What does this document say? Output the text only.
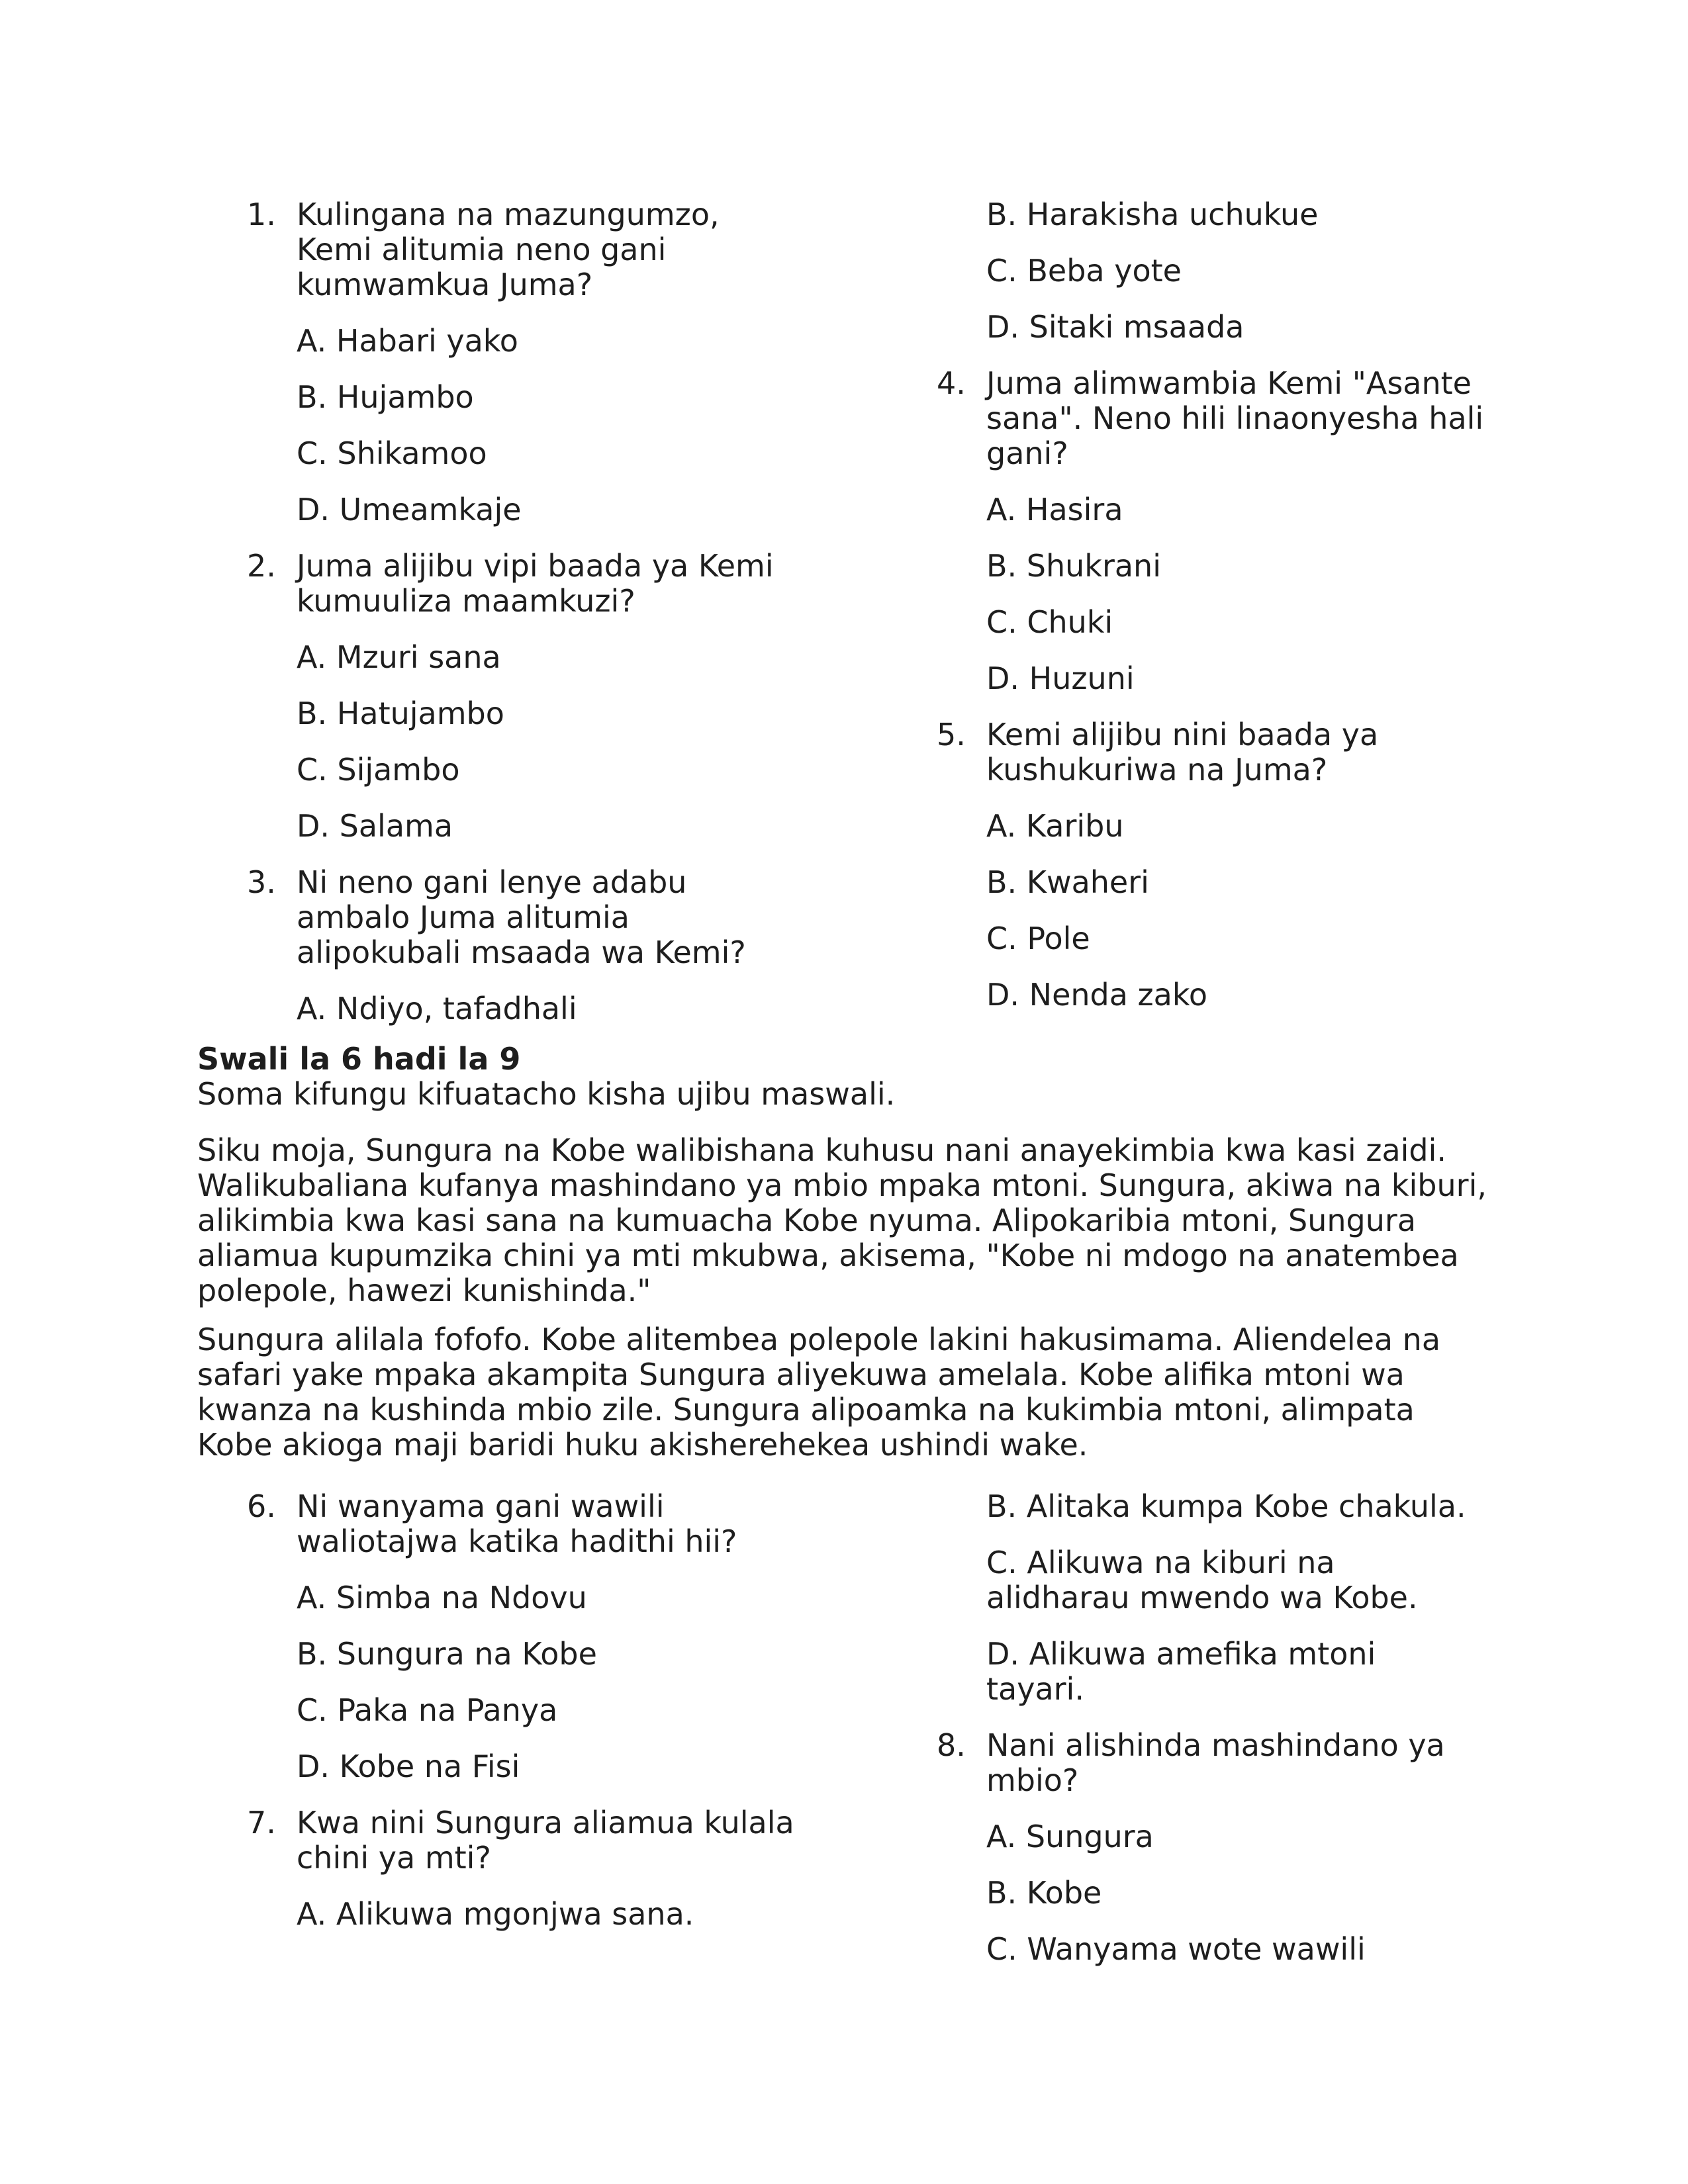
1. Kulingana na mazungumzo, Kemi alitumia neno gani kumwamkua Juma?
A. Habari yako
B. Hujambo
C. Shikamoo
D. Umeamkaje
2. Juma alijibu vipi baada ya Kemi kumuuliza maamkuzi?
A. Mzuri sana
B. Hatujambo
C. Sijambo
D. Salama
3. Ni neno gani lenye adabu ambalo Juma alitumia alipokubali msaada wa Kemi?
A. Ndiyo, tafadhali
B. Harakisha uchukue
C. Beba yote
D. Sitaki msaada
4. Juma alimwambia Kemi "Asante sana". Neno hili linaonyesha hali gani?
A. Hasira
B. Shukrani
C. Chuki
D. Huzuni
5. Kemi alijibu nini baada ya kushukuriwa na Juma?
A. Karibu
B. Kwaheri
C. Pole
D. Nenda zako
Swali la 6 hadi la 9
Soma kifungu kifuatacho kisha ujibu maswali.

Siku moja, Sungura na Kobe walibishana kuhusu nani anayekimbia kwa kasi zaidi. Walikubaliana kufanya mashindano ya mbio mpaka mtoni. Sungura, akiwa na kiburi, alikimbia kwa kasi sana na kumuacha Kobe nyuma. Alipokaribia mtoni, Sungura aliamua kupumzika chini ya mti mkubwa, akisema, "Kobe ni mdogo na anatembea polepole, hawezi kunishinda."

Sungura alilala fofofo. Kobe alitembea polepole lakini hakusimama. Aliendelea na safari yake mpaka akampita Sungura aliyekuwa amelala. Kobe alifika mtoni wa kwanza na kushinda mbio zile. Sungura alipoamka na kukimbia mtoni, alimpata Kobe akioga maji baridi huku akisherehekea ushindi wake.

6. Ni wanyama gani wawili waliotajwa katika hadithi hii?
A. Simba na Ndovu
B. Sungura na Kobe
C. Paka na Panya
D. Kobe na Fisi
7. Kwa nini Sungura aliamua kulala chini ya mti?
A. Alikuwa mgonjwa sana.
B. Alitaka kumpa Kobe chakula.
C. Alikuwa na kiburi na alidharau mwendo wa Kobe.
D. Alikuwa amefika mtoni tayari.
8. Nani alishinda mashindano ya mbio?
A. Sungura
B. Kobe
C. Wanyama wote wawili
